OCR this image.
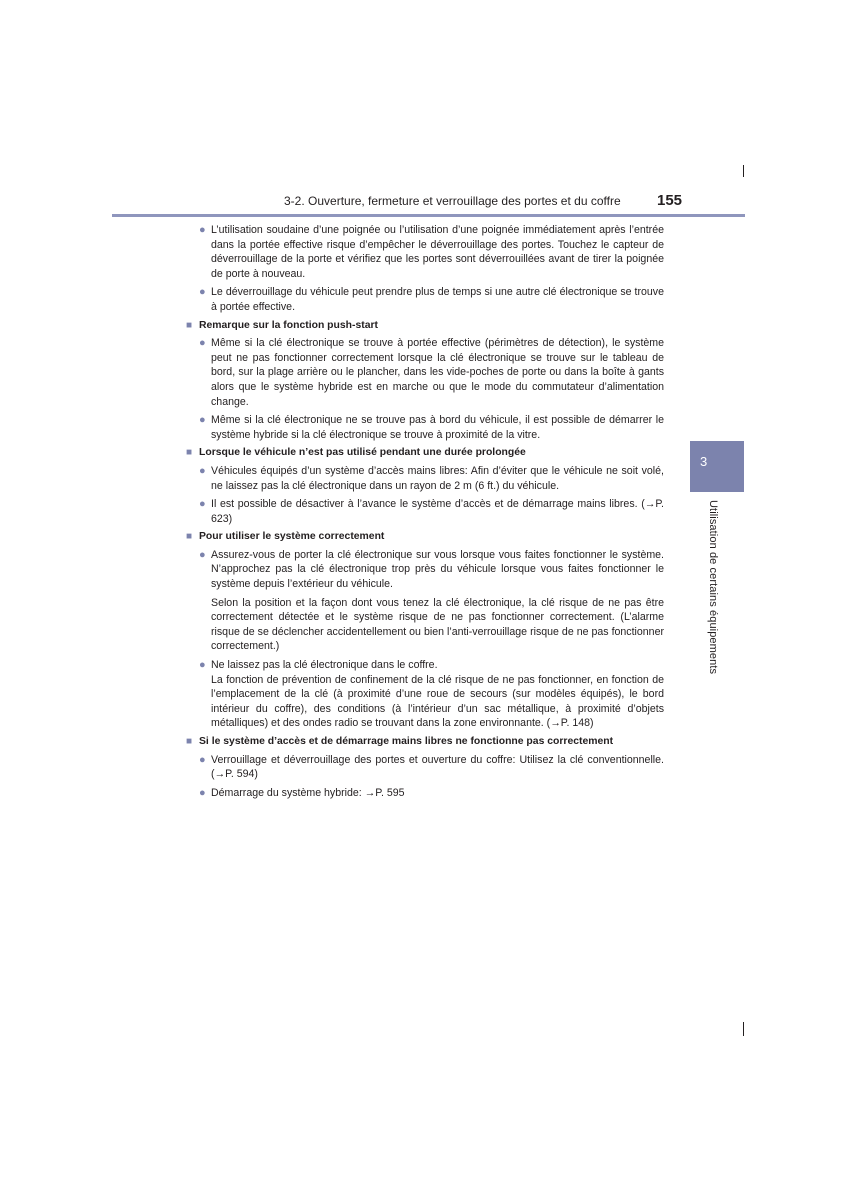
3-2. Ouverture, fermeture et verrouillage des portes et du coffre 155
3
Utilisation de certains équipements
● L’utilisation soudaine d’une poignée ou l’utilisation d’une poignée immédiatement après l’entrée dans la portée effective risque d’empêcher le déverrouillage des portes. Touchez le capteur de déverrouillage de la porte et vérifiez que les portes sont déverrouillées avant de tirer la poignée de porte à nouveau.
● Le déverrouillage du véhicule peut prendre plus de temps si une autre clé électronique se trouve à portée effective.
■ Remarque sur la fonction push-start
● Même si la clé électronique se trouve à portée effective (périmètres de détection), le système peut ne pas fonctionner correctement lorsque la clé électronique se trouve sur le tableau de bord, sur la plage arrière ou le plancher, dans les vide-poches de porte ou dans la boîte à gants alors que le système hybride est en marche ou que le mode du commutateur d’alimentation change.
● Même si la clé électronique ne se trouve pas à bord du véhicule, il est possible de démarrer le système hybride si la clé électronique se trouve à proximité de la vitre.
■ Lorsque le véhicule n’est pas utilisé pendant une durée prolongée
● Véhicules équipés d’un système d’accès mains libres: Afin d’éviter que le véhicule ne soit volé, ne laissez pas la clé électronique dans un rayon de 2 m (6 ft.) du véhicule.
● Il est possible de désactiver à l’avance le système d’accès et de démarrage mains libres. (→P. 623)
■ Pour utiliser le système correctement
● Assurez-vous de porter la clé électronique sur vous lorsque vous faites fonctionner le système. N’approchez pas la clé électronique trop près du véhicule lorsque vous faites fonctionner le système depuis l’extérieur du véhicule.
Selon la position et la façon dont vous tenez la clé électronique, la clé risque de ne pas être correctement détectée et le système risque de ne pas fonctionner correctement. (L’alarme risque de se déclencher accidentellement ou bien l’anti-verrouillage risque de ne pas fonctionner correctement.)
● Ne laissez pas la clé électronique dans le coffre.
La fonction de prévention de confinement de la clé risque de ne pas fonctionner, en fonction de l’emplacement de la clé (à proximité d’une roue de secours (sur modèles équipés), le bord intérieur du coffre), des conditions (à l’intérieur d’un sac métallique, à proximité d’objets métalliques) et des ondes radio se trouvant dans la zone environnante. (→P. 148)
■ Si le système d’accès et de démarrage mains libres ne fonctionne pas correctement
● Verrouillage et déverrouillage des portes et ouverture du coffre: Utilisez la clé conventionnelle.(→P. 594)
● Démarrage du système hybride: →P. 595
